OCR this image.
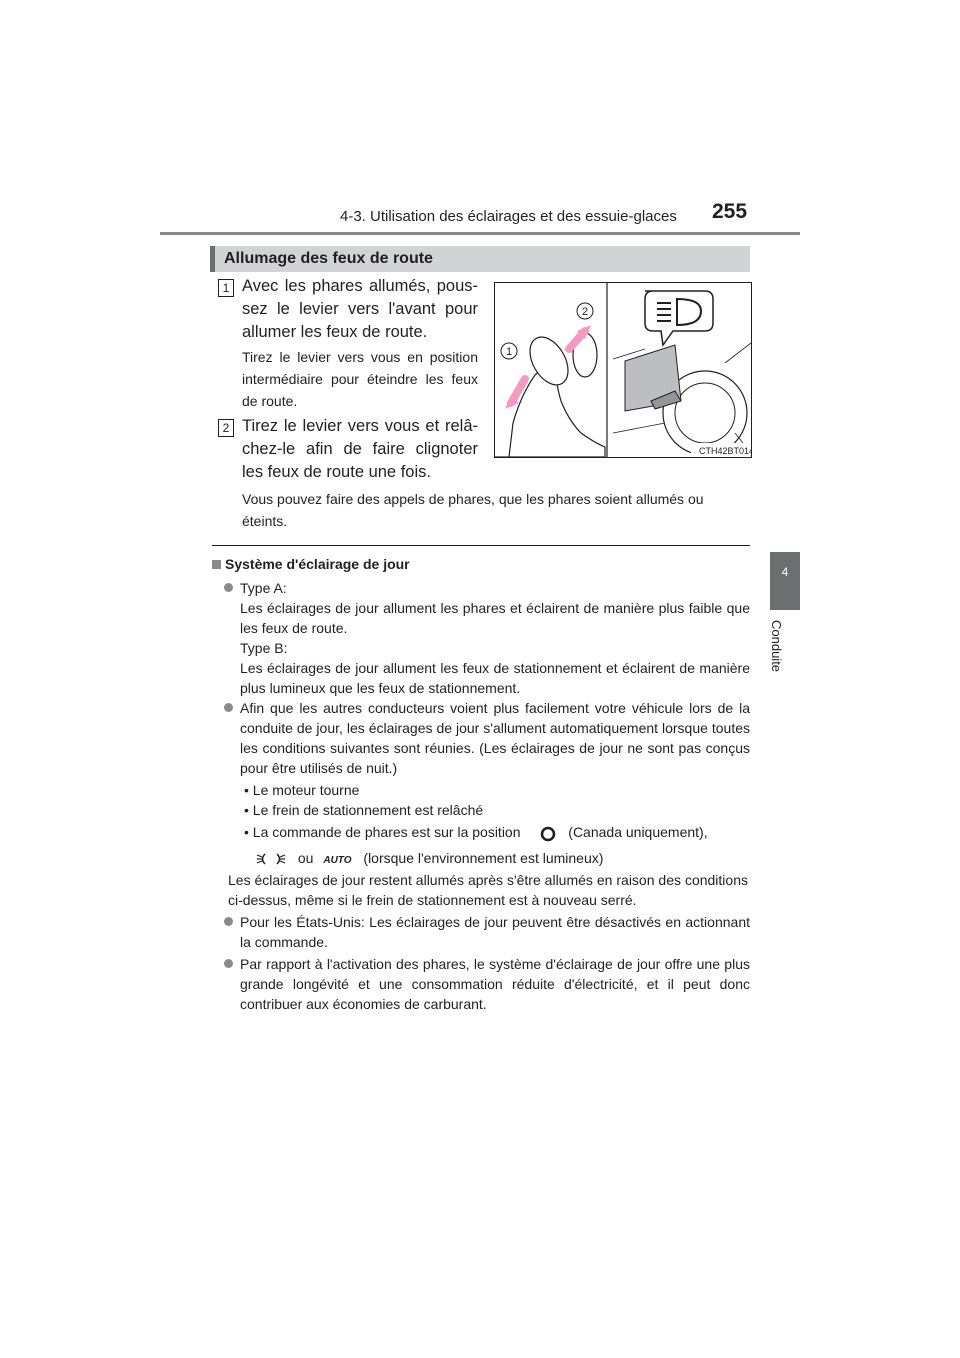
4-3. Utilisation des éclairages et des essuie-glaces 255
4
Conduite
Allumage des feux de route
1 Avec les phares allumés, pous-sez le levier vers l'avant pour allumer les feux de route.
Tirez le levier vers vous en position intermédiaire pour éteindre les feux de route.
2 Tirez le levier vers vous et relâ-chez-le afin de faire clignoter les feux de route une fois.
Vous pouvez faire des appels de phares, que les phares soient allumés ou éteints.
1
2
CTH42BT014
Système d'éclairage de jour
Type A:
Les éclairages de jour allument les phares et éclairent de manière plus faible que les feux de route.
Type B:
Les éclairages de jour allument les feux de stationnement et éclairent de manière plus lumineux que les feux de stationnement.
Afin que les autres conducteurs voient plus facilement votre véhicule lors de la conduite de jour, les éclairages de jour s'allument automatiquement lorsque toutes les conditions suivantes sont réunies. (Les éclairages de jour ne sont pas conçus pour être utilisés de nuit.)
• Le moteur tourne
• Le frein de stationnement est relâché
• La commande de phares est sur la position	(Canada uniquement),
ou AUTO (lorsque l'environnement est lumineux)
Les éclairages de jour restent allumés après s'être allumés en raison des conditions ci-dessus, même si le frein de stationnement est à nouveau serré.
Pour les États-Unis: Les éclairages de jour peuvent être désactivés en actionnant la commande.
Par rapport à l'activation des phares, le système d'éclairage de jour offre une plus grande longévité et une consommation réduite d'électricité, et il peut donc contribuer aux économies de carburant.
